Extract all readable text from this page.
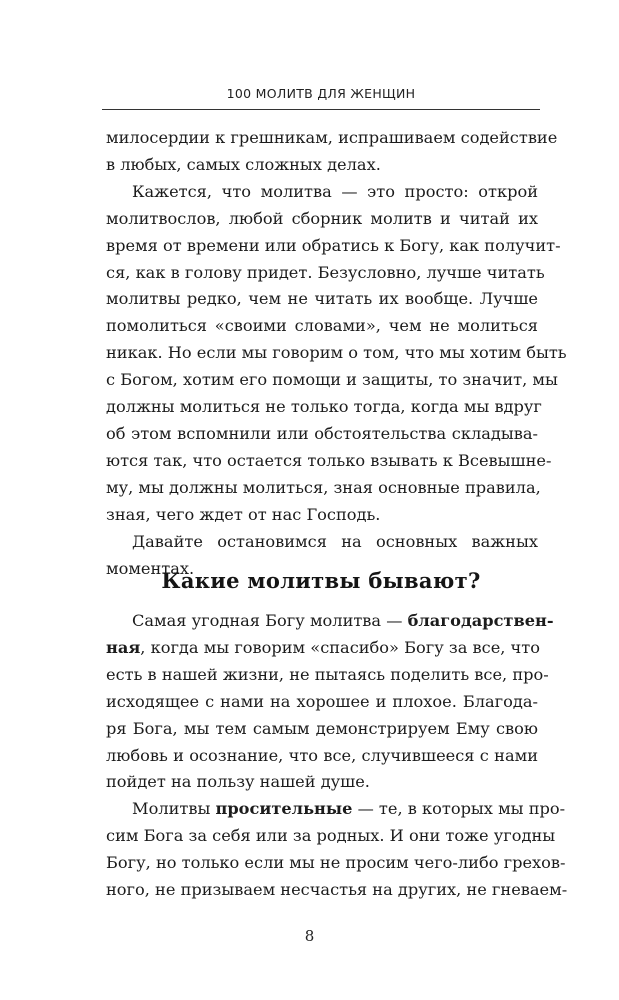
100 МОЛИТВ ДЛЯ ЖЕНЩИН

милосердии к грешникам, испрашиваем содействие
в любых, самых сложных делах.

Кажется, что молитва — это просто: открой
молитвослов, любой сборник молитв и читай их
время от времени или обратись к Богу, как получит-
ся, как в голову придет. Безусловно, лучше читать
молитвы редко, чем не читать их вообще. Лучше
помолиться «своими словами», чем не молиться
никак. Но если мы говорим о том, что мы хотим быть
с Богом, хотим его помощи и защиты, то значит, мы
должны молиться не только тогда, когда мы вдруг
об этом вспомнили или обстоятельства складыва-
ются так, что остается только взывать к Всевышне-
му, мы должны молиться, зная основные правила,
зная, чего ждет от нас Господь.

Давайте остановимся на основных важных
моментах.

Какие молитвы бывают?

Самая угодная Богу молитва — благодарствен-
ная, когда мы говорим «спасибо» Богу за все, что
есть в нашей жизни, не пытаясь поделить все, про-
исходящее с нами на хорошее и плохое. Благода-
ря Бога, мы тем самым демонстрируем Ему свою
любовь и осознание, что все, случившееся с нами
пойдет на пользу нашей душе.

Молитвы просительные — те, в которых мы про-
сим Бога за себя или за родных. И они тоже угодны
Богу, но только если мы не просим чего-либо грехов-
ного, не призываем несчастья на других, не гневаем-

8
